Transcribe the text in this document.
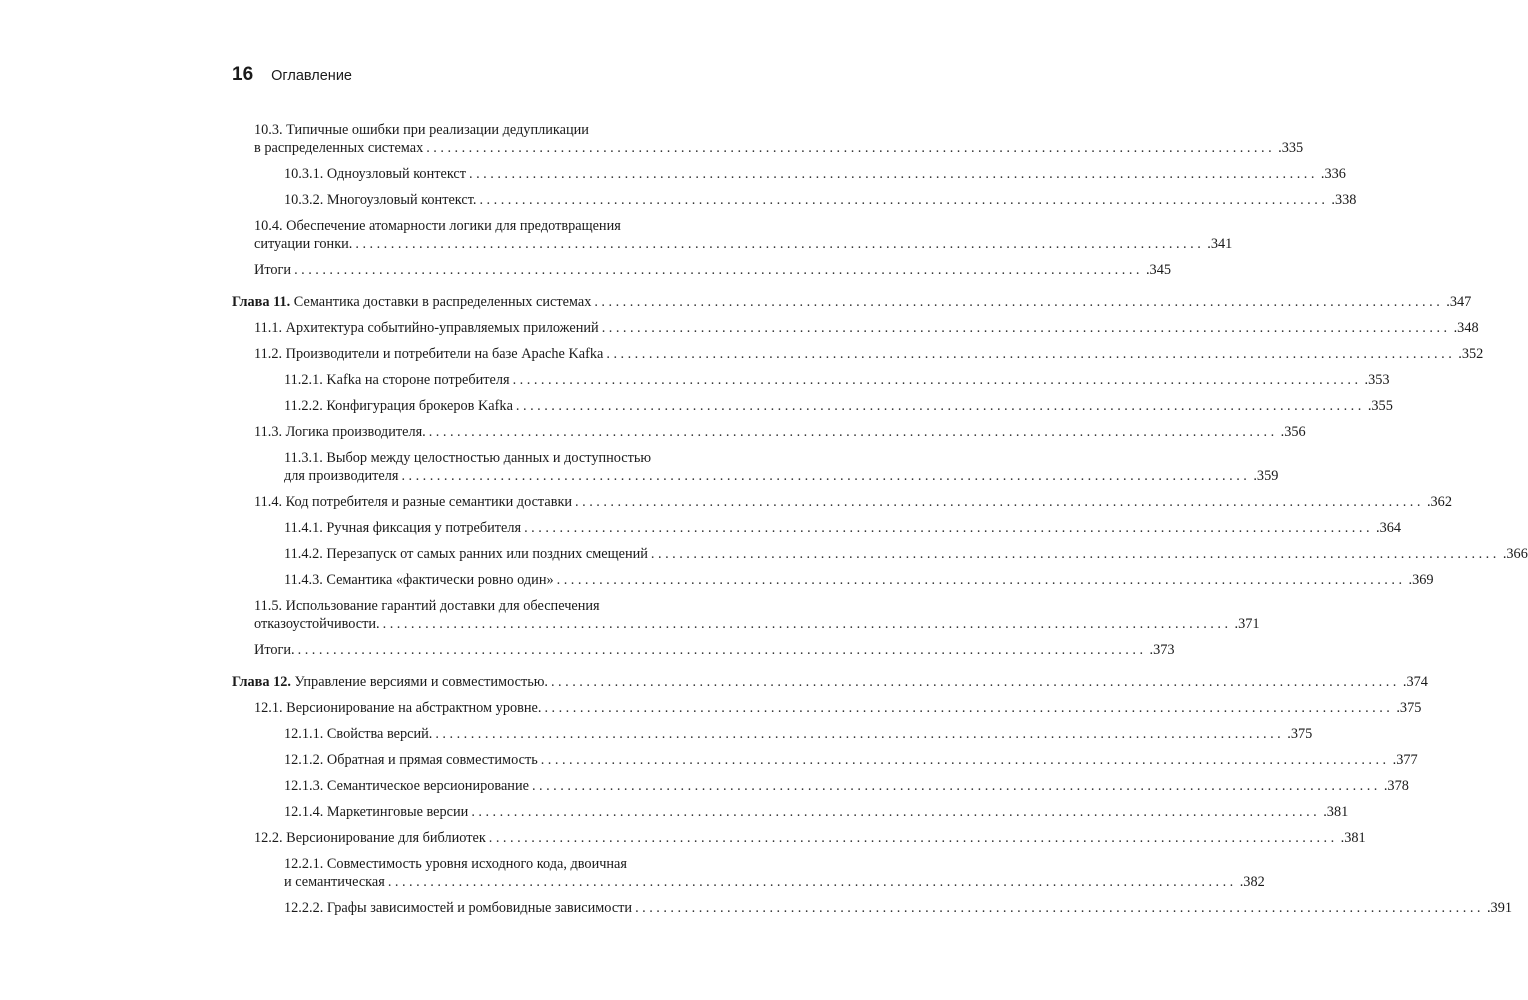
16 Оглавление
10.3. Типичные ошибки при реализации дедупликации
в распределенных системах ........................................................................................................................ .335
10.3.1. Одноузловый контекст ........................................................................................................................ .336
10.3.2. Многоузловый контекст. ........................................................................................................................ .338
10.4. Обеспечение атомарности логики для предотвращения
ситуации гонки. ........................................................................................................................ .341
Итоги ........................................................................................................................ .345
Глава 11. Семантика доставки в распределенных системах ........................................................................................................................ .347
11.1. Архитектура событийно-управляемых приложений ........................................................................................................................ .348
11.2. Производители и потребители на базе Apache Kafka ........................................................................................................................ .352
11.2.1. Kafka на стороне потребителя ........................................................................................................................ .353
11.2.2. Конфигурация брокеров Kafka ........................................................................................................................ .355
11.3. Логика производителя. ........................................................................................................................ .356
11.3.1. Выбор между целостностью данных и доступностью
для производителя ........................................................................................................................ .359
11.4. Код потребителя и разные семантики доставки ........................................................................................................................ .362
11.4.1. Ручная фиксация у потребителя ........................................................................................................................ .364
11.4.2. Перезапуск от самых ранних или поздних смещений ........................................................................................................................ .366
11.4.3. Семантика «фактически ровно один» ........................................................................................................................ .369
11.5. Использование гарантий доставки для обеспечения
отказоустойчивости. ........................................................................................................................ .371
Итоги. ........................................................................................................................ .373
Глава 12. Управление версиями и совместимостью. ........................................................................................................................ .374
12.1. Версионирование на абстрактном уровне. ........................................................................................................................ .375
12.1.1. Свойства версий. ........................................................................................................................ .375
12.1.2. Обратная и прямая совместимость ........................................................................................................................ .377
12.1.3. Семантическое версионирование ........................................................................................................................ .378
12.1.4. Маркетинговые версии ........................................................................................................................ .381
12.2. Версионирование для библиотек ........................................................................................................................ .381
12.2.1. Совместимость уровня исходного кода, двоичная
и семантическая ........................................................................................................................ .382
12.2.2. Графы зависимостей и ромбовидные зависимости ........................................................................................................................ .391
